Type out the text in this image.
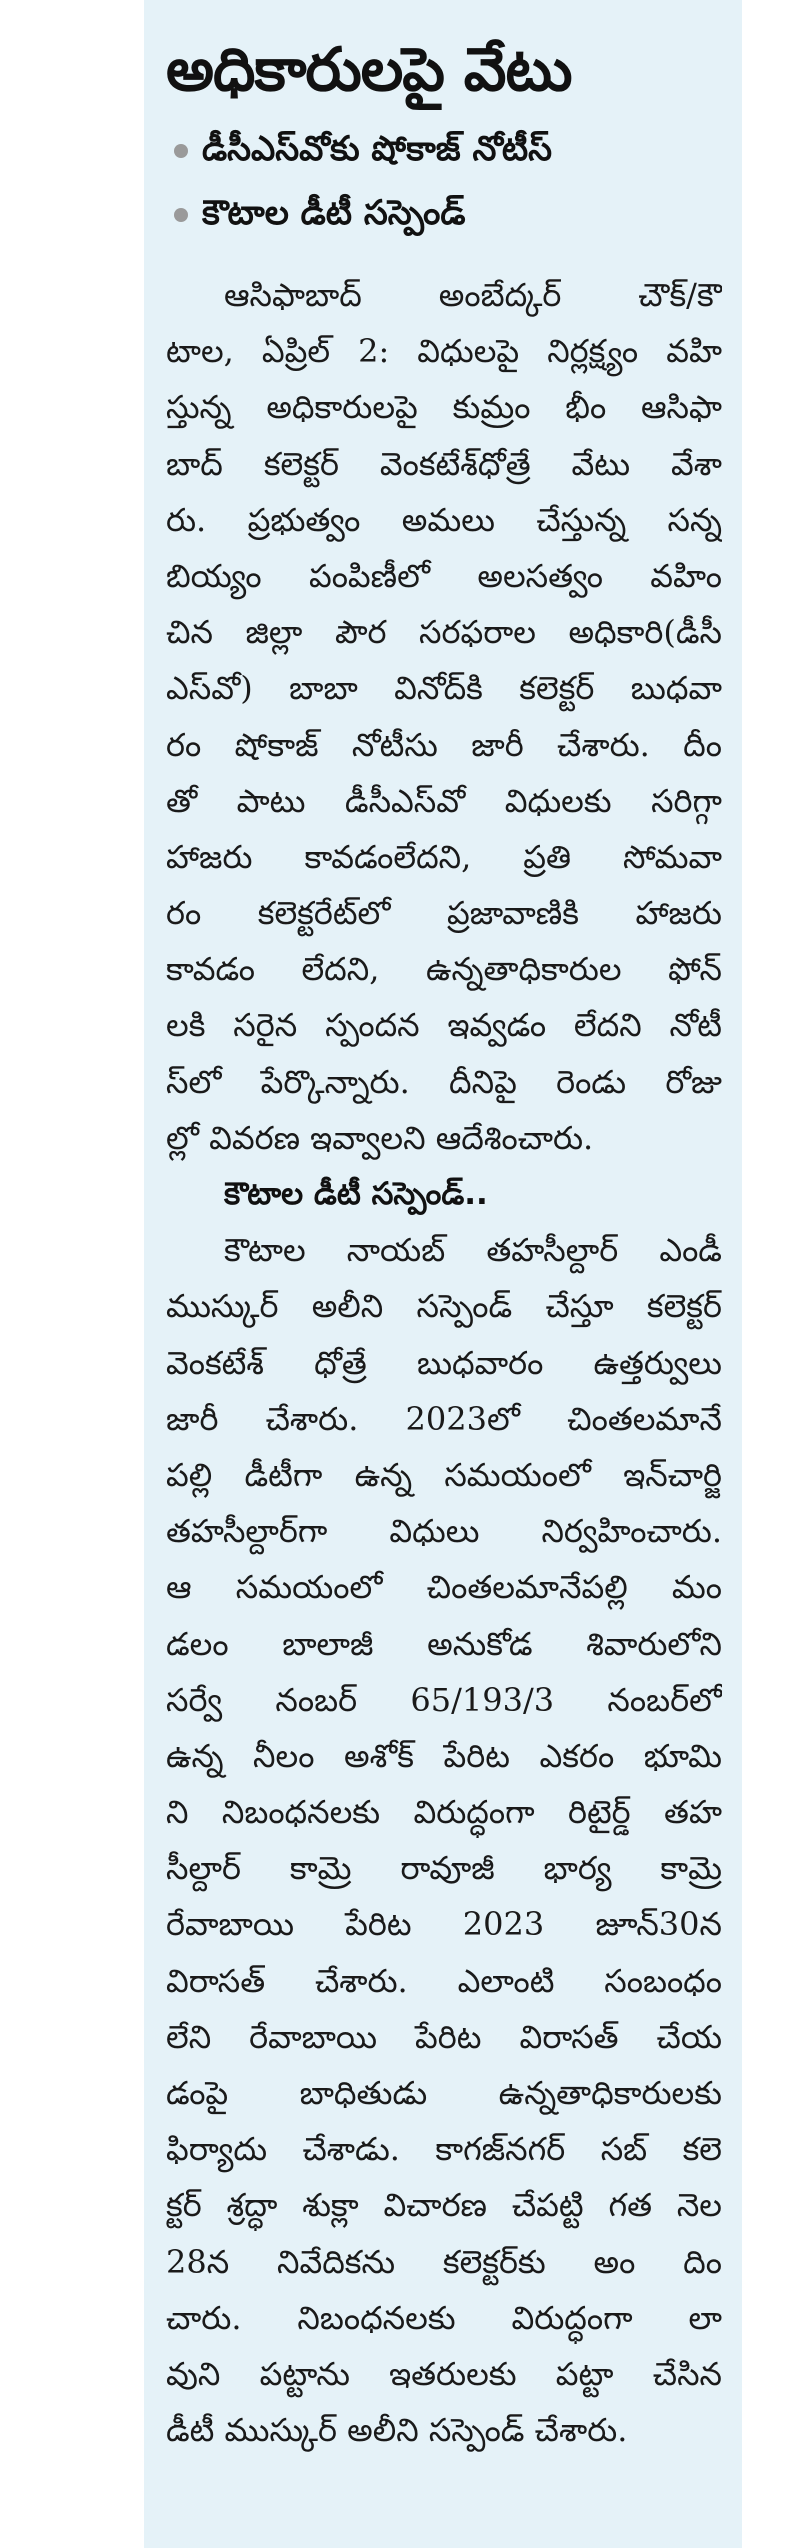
అధికారులపై వేటు
డీసీఎస్‌వోకు షోకాజ్ నోటీస్
కౌటాల డీటీ సస్పెండ్
ఆసిఫాబాద్ అంబేద్కర్ చౌక్/కౌ
టాల, ఏప్రిల్ 2: విధులపై నిర్లక్ష్యం వహి
స్తున్న అధికారులపై కుమ్రం భీం ఆసిఫా
బాద్ కలెక్టర్ వెంకటేశ్‌ధోత్రే వేటు వేశా
రు. ప్రభుత్వం అమలు చేస్తున్న సన్న
బియ్యం పంపిణీలో అలసత్వం వహిం
చిన జిల్లా పౌర సరఫరాల అధికారి(డీసీ
ఎస్‌వో) బాబా వినోద్‌కి కలెక్టర్ బుధవా
రం షోకాజ్ నోటీసు జారీ చేశారు. దీం
తో పాటు డీసీఎస్‌వో విధులకు సరిగ్గా
హాజరు కావడంలేదని, ప్రతి సోమవా
రం కలెక్టరేట్‌లో ప్రజావాణికి హాజరు
కావడం లేదని, ఉన్నతాధికారుల ఫోన్
లకి సరైన స్పందన ఇవ్వడం లేదని నోటీ
స్‌లో పేర్కొన్నారు. దీనిపై రెండు రోజు
ల్లో వివరణ ఇవ్వాలని ఆదేశించారు.
కౌటాల డీటీ సస్పెండ్..
కౌటాల నాయబ్ తహసీల్దార్ ఎండీ
ముస్కుర్ అలీని సస్పెండ్ చేస్తూ కలెక్టర్
వెంకటేశ్ ధోత్రే బుధవారం ఉత్తర్వులు
జారీ చేశారు. 2023లో చింతలమానే
పల్లి డీటీగా ఉన్న సమయంలో ఇన్‌చార్జి
తహసీల్దార్‌గా విధులు నిర్వహించారు.
ఆ సమయంలో చింతలమానేపల్లి మం
డలం బాలాజీ అనుకోడ శివారులోని
సర్వే నంబర్ 65/193/3 నంబర్‌లో
ఉన్న నీలం అశోక్ పేరిట ఎకరం భూమి
ని నిబంధనలకు విరుద్ధంగా రిటైర్డ్ తహ
సీల్దార్ కామ్రె రావూజీ భార్య కామ్రె
రేవాబాయి పేరిట 2023 జూన్30న
విరాసత్ చేశారు. ఎలాంటి సంబంధం
లేని రేవాబాయి పేరిట విరాసత్ చేయ
డంపై బాధితుడు ఉన్నతాధికారులకు
ఫిర్యాదు చేశాడు. కాగజ్‌నగర్ సబ్ కలె
క్టర్ శ్రద్ధా శుక్లా విచారణ చేపట్టి గత నెల
28న నివేదికను కలెక్టర్‌కు అం దిం
చారు. నిబంధనలకు విరుద్ధంగా లా
వుని పట్టాను ఇతరులకు పట్టా చేసిన
డీటీ ముస్కుర్ అలీని సస్పెండ్ చేశారు.
